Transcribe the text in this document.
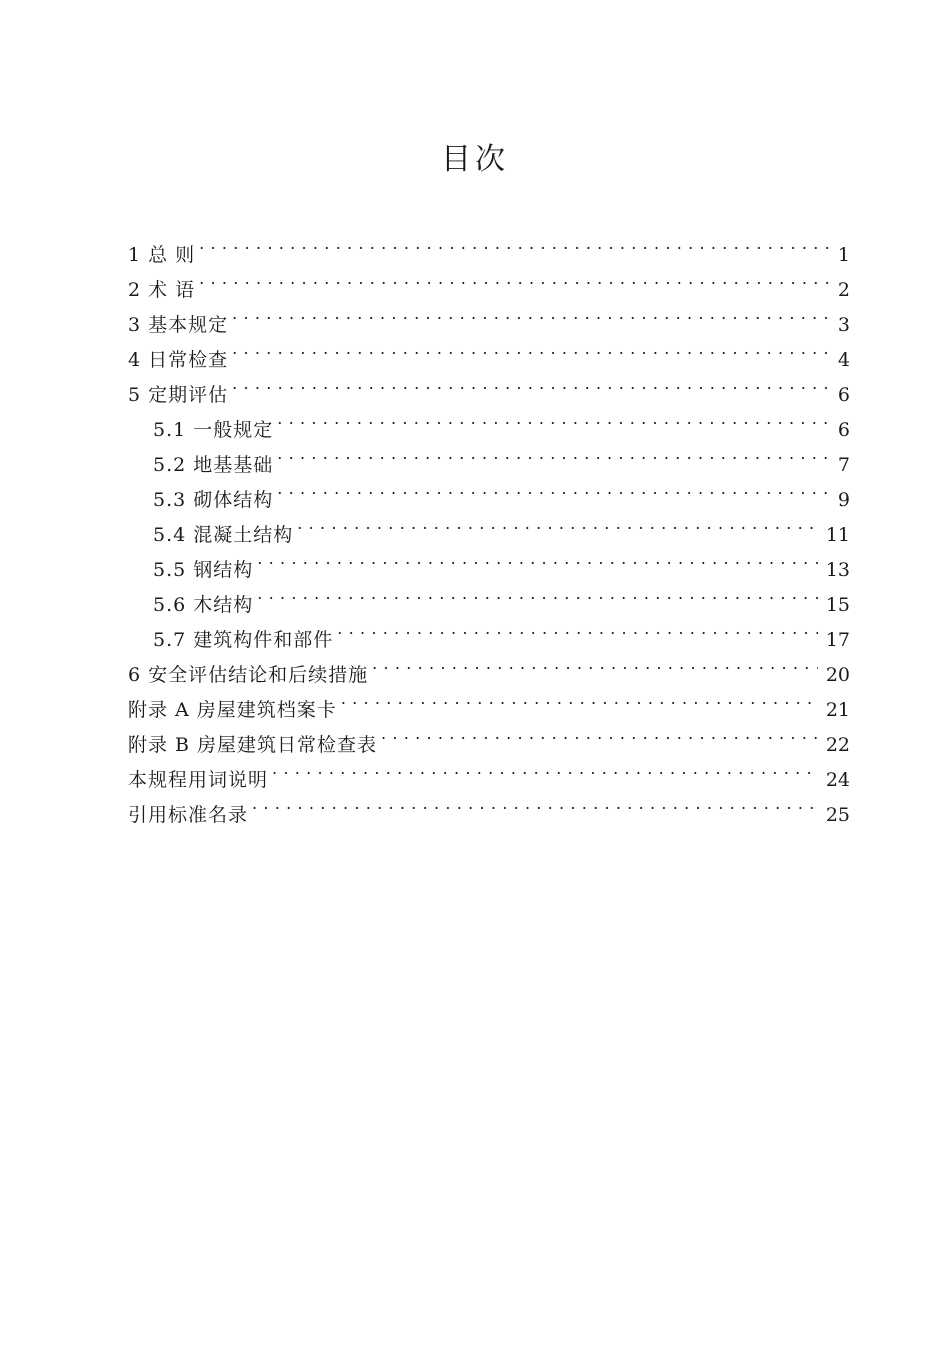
目次
1 总 则 . . .	1
2 术 语 . . .	2
3 基本规定 . . .	3
4 日常检查 . . .	4
5 定期评估 . . .	6
5.1 一般规定 . . .	6
5.2 地基基础 . . .	7
5.3 砌体结构 . . .	9
5.4 混凝土结构 . . .	11
5.5 钢结构 . . .	13
5.6 木结构 . . .	15
5.7 建筑构件和部件 . . .	17
6 安全评估结论和后续措施 . . .	20
附录 A 房屋建筑档案卡 . . .	21
附录 B 房屋建筑日常检查表 . . .	22
本规程用词说明 . . .	24
引用标准名录 . . .	25
